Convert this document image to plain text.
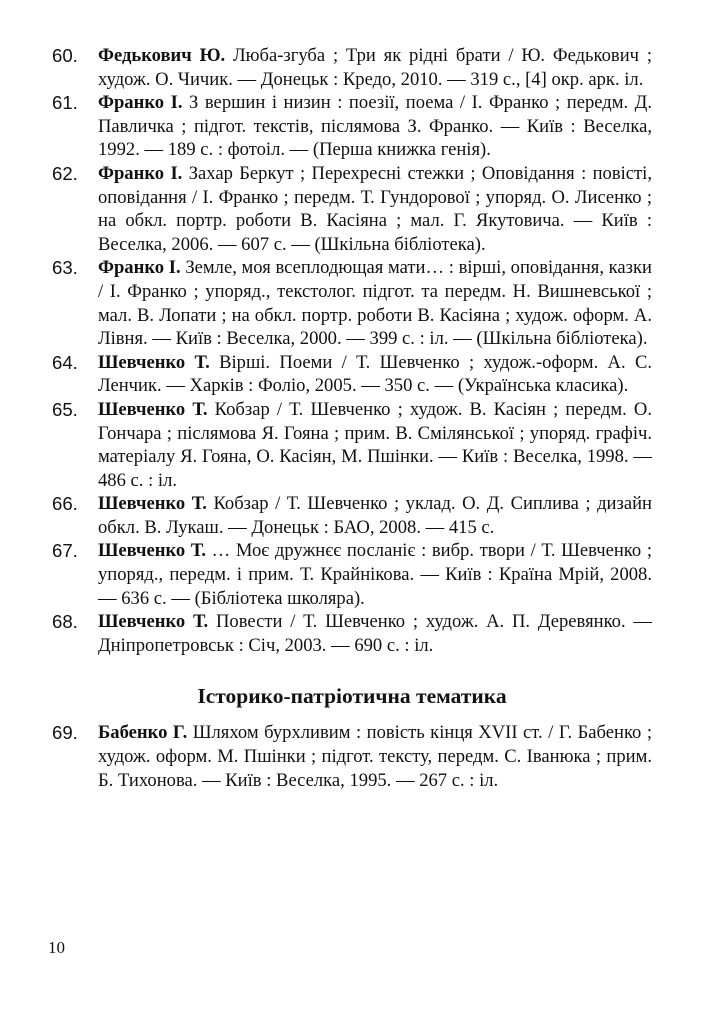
60. Федькович Ю. Люба-згуба ; Три як рідні брати / Ю. Федькович ; худож. О. Чичик. — Донецьк : Кредо, 2010. — 319 с., [4] окр. арк. іл.
61. Франко І. З вершин і низин : поезії, поема / І. Франко ; передм. Д. Павличка ; підгот. текстів, післямова З. Франко. — Київ : Веселка, 1992. — 189 с. : фотоіл. — (Перша книжка генія).
62. Франко І. Захар Беркут ; Перехресні стежки ; Оповідання : повісті, оповідання / І. Франко ; передм. Т. Гундорової ; упоряд. О. Лисенко ; на обкл. портр. роботи В. Касіяна ; мал. Г. Якутовича. — Київ : Веселка, 2006. — 607 с. — (Шкільна бібліотека).
63. Франко І. Земле, моя всеплодющая мати… : вірші, оповідання, казки / І. Франко ; упоряд., текстолог. підгот. та передм. Н. Вишневської ; мал. В. Лопати ; на обкл. портр. роботи В. Касіяна ; худож. оформ. А. Лівня. — Київ : Веселка, 2000. — 399 с. : іл. — (Шкільна бібліотека).
64. Шевченко Т. Вірші. Поеми / Т. Шевченко ; худож.-оформ. А. С. Ленчик. — Харків : Фоліо, 2005. — 350 с. — (Українська класика).
65. Шевченко Т. Кобзар / Т. Шевченко ; худож. В. Касіян ; передм. О. Гончара ; післямова Я. Гояна ; прим. В. Смілянської ; упоряд. графіч. матеріалу Я. Гояна, О. Касіян, М. Пшінки. — Київ : Веселка, 1998. — 486 с. : іл.
66. Шевченко Т. Кобзар / Т. Шевченко ; уклад. О. Д. Сиплива ; дизайн обкл. В. Лукаш. — Донецьк : БАО, 2008. — 415 с.
67. Шевченко Т. … Моє дружнєє посланіє : вибр. твори / Т. Шевченко ; упоряд., передм. і прим. Т. Крайнікова. — Київ : Країна Мрій, 2008. — 636 с. — (Бібліотека школяра).
68. Шевченко Т. Повести / Т. Шевченко ; худож. А. П. Деревянко. — Дніпропетровськ : Січ, 2003. — 690 с. : іл.
Історико-патріотична тематика
69. Бабенко Г. Шляхом бурхливим : повість кінця XVII ст. / Г. Бабенко ; худож. оформ. М. Пшінки ; підгот. тексту, передм. С. Іванюка ; прим. Б. Тихонова. — Київ : Веселка, 1995. — 267 с. : іл.
10
